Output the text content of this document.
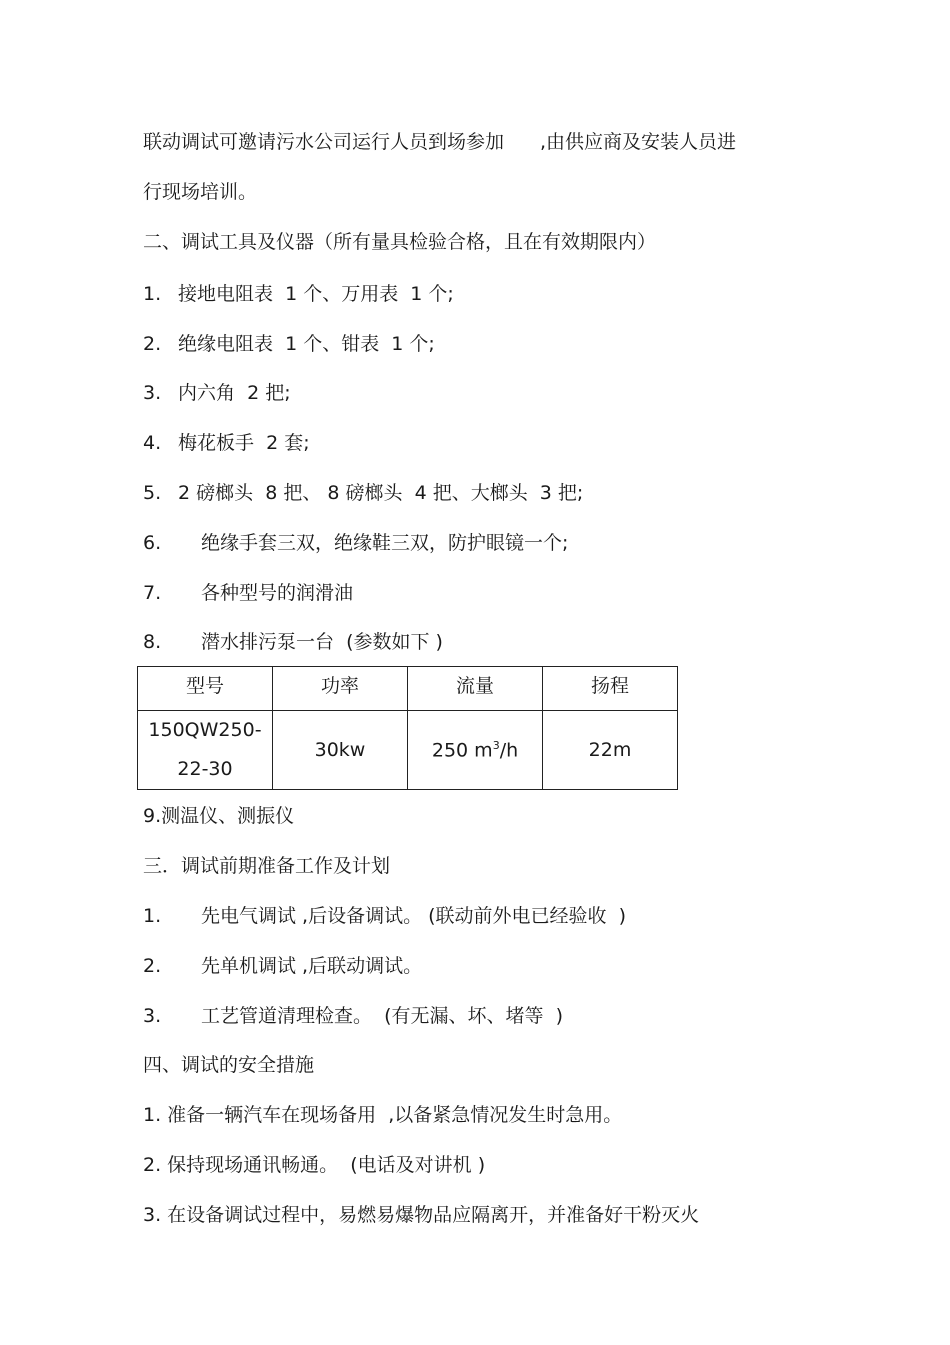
联动调试可邀请污水公司运行人员到场参加 ,由供应商及安装人员进
行现场培训。
二、调试工具及仪器（所有量具检验合格，且在有效期限内）
1. 接地电阻表  1 个、万用表  1 个;
2. 绝缘电阻表  1 个、钳表  1 个;
3. 内六角  2 把;
4. 梅花板手  2 套;
5. 2 磅榔头  8 把、 8 磅榔头  4 把、大榔头  3 把;
6. 绝缘手套三双，绝缘鞋三双，防护眼镜一个;
7. 各种型号的润滑油
8. 潜水排污泵一台  (参数如下 )
型号	功率	流量	扬程
150QW250-
22-30	30kw	250 $m^3/h$	22m
9.测温仪、测振仪
三．调试前期准备工作及计划
1. 先电气调试 ,后设备调试。 (联动前外电已经验收  )
2. 先单机调试 ,后联动调试。
3. 工艺管道清理检查。  (有无漏、坏、堵等  )
四、调试的安全措施
1. 准备一辆汽车在现场备用  ,以备紧急情况发生时急用。
2. 保持现场通讯畅通。  (电话及对讲机 )
3. 在设备调试过程中，易燃易爆物品应隔离开，并准备好干粉灭火
